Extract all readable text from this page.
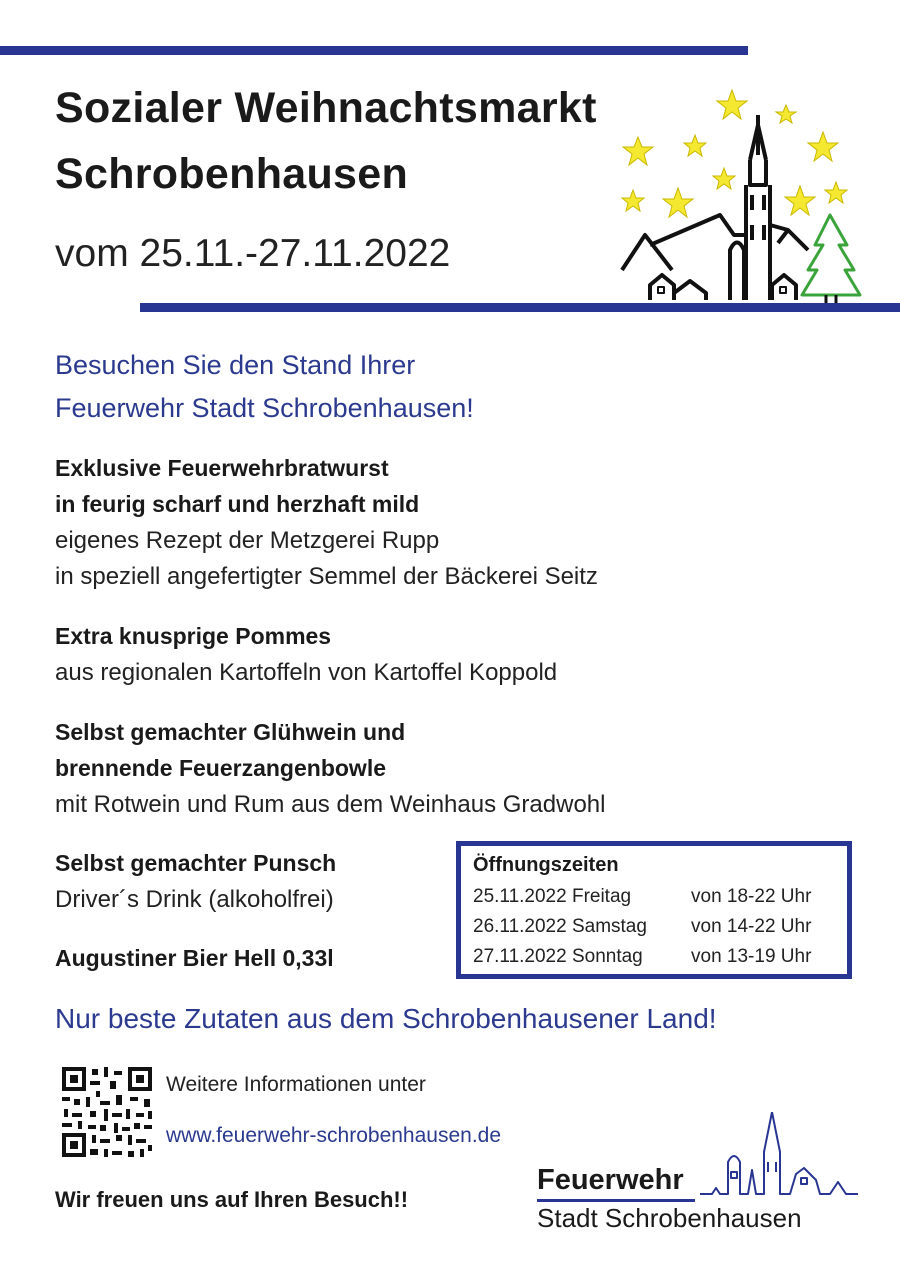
Sozialer Weihnachtsmarkt
Schrobenhausen
vom 25.11.-27.11.2022
Besuchen Sie den Stand Ihrer
Feuerwehr Stadt Schrobenhausen!
Exklusive Feuerwehrbratwurst
in feurig scharf und herzhaft mild
eigenes Rezept der Metzgerei Rupp
in speziell angefertigter Semmel der Bäckerei Seitz
Extra knusprige Pommes
aus regionalen Kartoffeln von Kartoffel Koppold
Selbst gemachter Glühwein und
brennende Feuerzangenbowle
mit Rotwein und Rum aus dem Weinhaus Gradwohl
Selbst gemachter Punsch
Driver´s Drink (alkoholfrei)
Augustiner Bier Hell 0,33l
Öffnungszeiten
25.11.2022 Freitag	von 18-22 Uhr
26.11.2022 Samstag von 14-22 Uhr
27.11.2022 Sonntag	von 13-19 Uhr
Nur beste Zutaten aus dem Schrobenhausener Land!
Weitere Informationen unter
www.feuerwehr-schrobenhausen.de
Wir freuen uns auf Ihren Besuch!!
Feuerwehr
Stadt Schrobenhausen
